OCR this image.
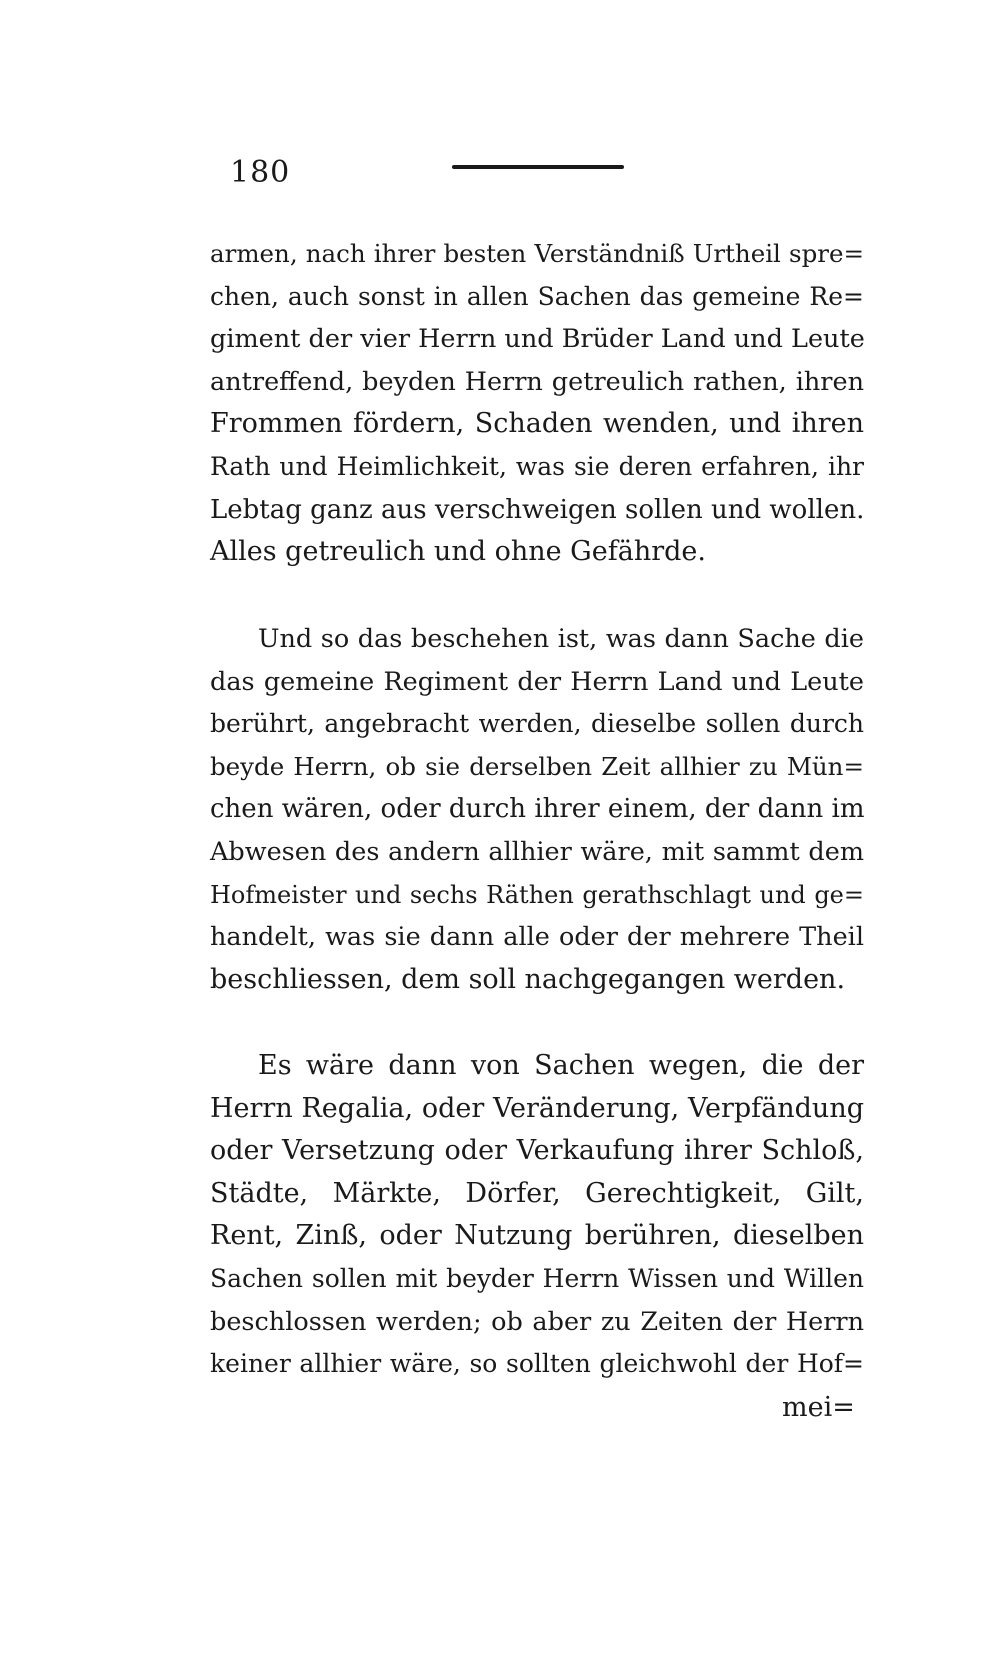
180
armen, nach ihrer besten Verständniß Urtheil spre=
chen, auch sonst in allen Sachen das gemeine Re=
giment der vier Herrn und Brüder Land und Leute
antreffend, beyden Herrn getreulich rathen, ihren
Frommen fördern, Schaden wenden, und ihren
Rath und Heimlichkeit, was sie deren erfahren, ihr
Lebtag ganz aus verschweigen sollen und wollen.
Alles getreulich und ohne Gefährde.
Und so das beschehen ist, was dann Sache die
das gemeine Regiment der Herrn Land und Leute
berührt, angebracht werden, dieselbe sollen durch
beyde Herrn, ob sie derselben Zeit allhier zu Mün=
chen wären, oder durch ihrer einem, der dann im
Abwesen des andern allhier wäre, mit sammt dem
Hofmeister und sechs Räthen gerathschlagt und ge=
handelt, was sie dann alle oder der mehrere Theil
beschliessen, dem soll nachgegangen werden.
Es wäre dann von Sachen wegen, die der
Herrn Regalia, oder Veränderung, Verpfändung
oder Versetzung oder Verkaufung ihrer Schloß,
Städte, Märkte, Dörfer, Gerechtigkeit, Gilt,
Rent, Zinß, oder Nutzung berühren, dieselben
Sachen sollen mit beyder Herrn Wissen und Willen
beschlossen werden; ob aber zu Zeiten der Herrn
keiner allhier wäre, so sollten gleichwohl der Hof=
mei=
